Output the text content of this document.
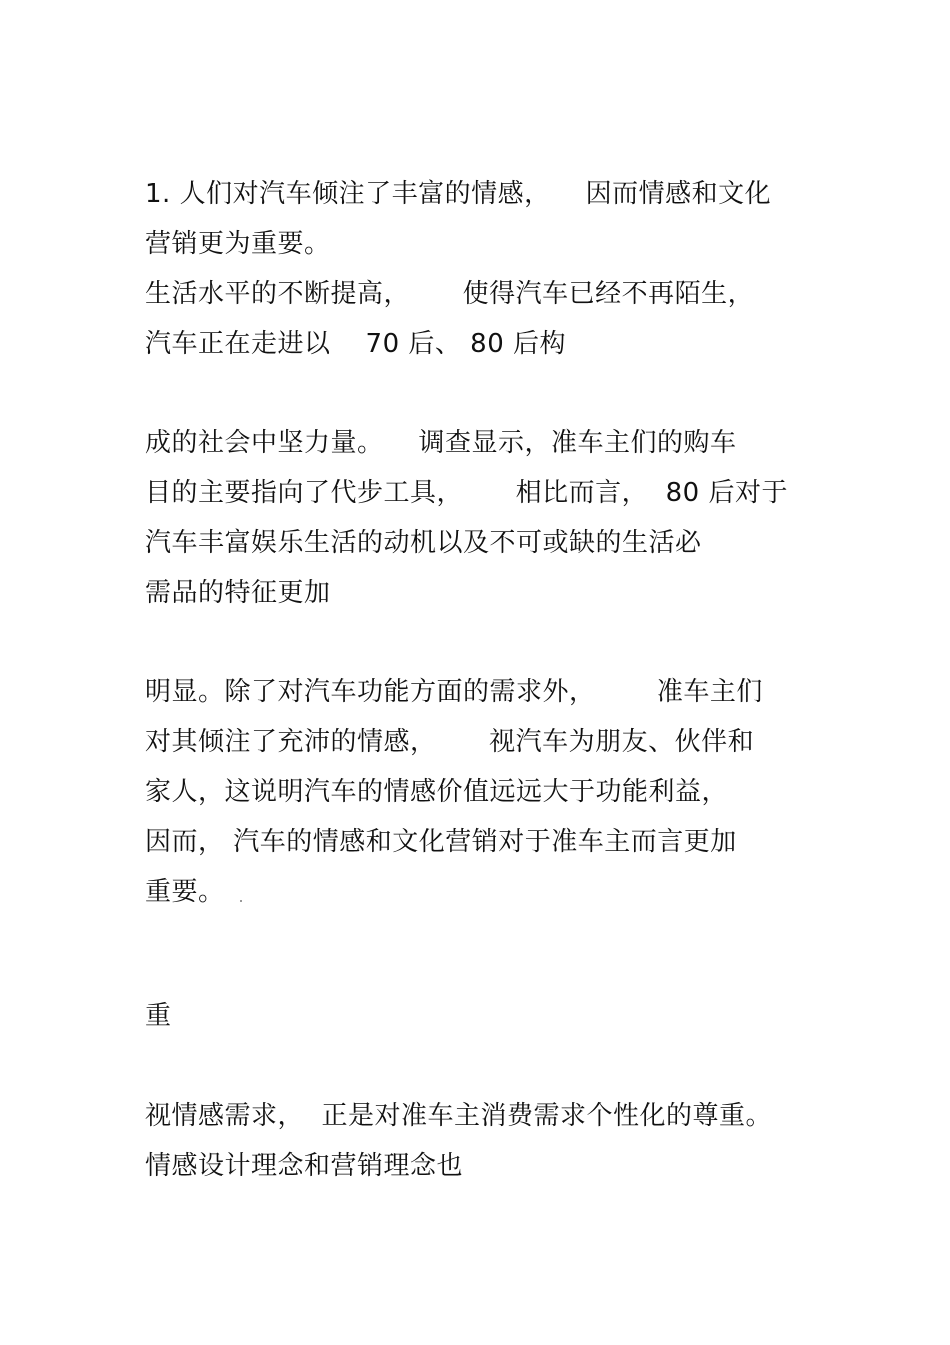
1. 人们对汽车倾注了丰富的情感，    因而情感和文化
营销更为重要。
生活水平的不断提高，      使得汽车已经不再陌生，
汽车正在走进以    70 后、 80 后构
成的社会中坚力量。    调查显示，准车主们的购车
目的主要指向了代步工具，      相比而言，  80 后对于
汽车丰富娱乐生活的动机以及不可或缺的生活必
需品的特征更加
明显。除了对汽车功能方面的需求外，       准车主们
对其倾注了充沛的情感，      视汽车为朋友、伙伴和
家人，这说明汽车的情感价值远远大于功能利益，
因而， 汽车的情感和文化营销对于准车主而言更加
重要。
重
视情感需求，  正是对准车主消费需求个性化的尊重。
情感设计理念和营销理念也
